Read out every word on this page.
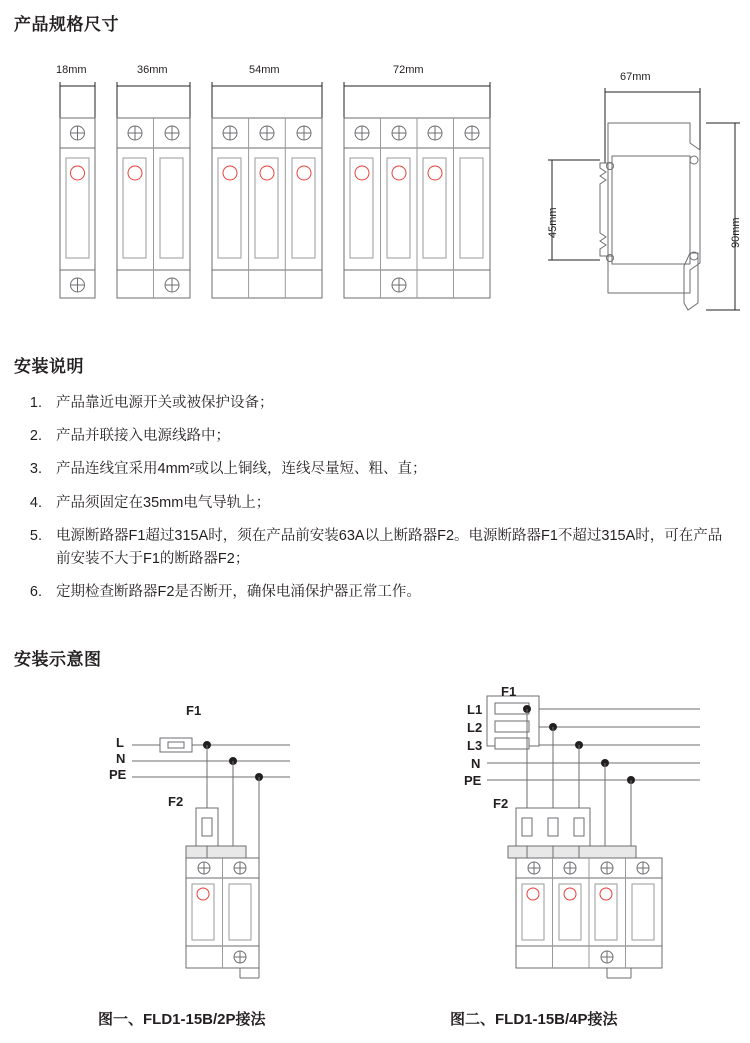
产品规格尺寸
18mm	36mm	54mm	72mm
67mm
45mm	90mm
安装说明
1. 产品靠近电源开关或被保护设备；
2. 产品并联接入电源线路中；
3. 产品连线宜采用4mm²或以上铜线，连线尽量短、粗、直；
4. 产品须固定在35mm电气导轨上；
5. 电源断路器F1超过315A时，须在产品前安装63A以上断路器F2。电源断路器F1不超过315A时，可在产品前安装不大于F1的断路器F2；
6. 定期检查断路器F2是否断开，确保电涌保护器正常工作。
安装示意图
F1
L
N
PE
F2
F1
L1
L2
L3
N
PE
F2
图一、FLD1-15B/2P接法	图二、FLD1-15B/4P接法
